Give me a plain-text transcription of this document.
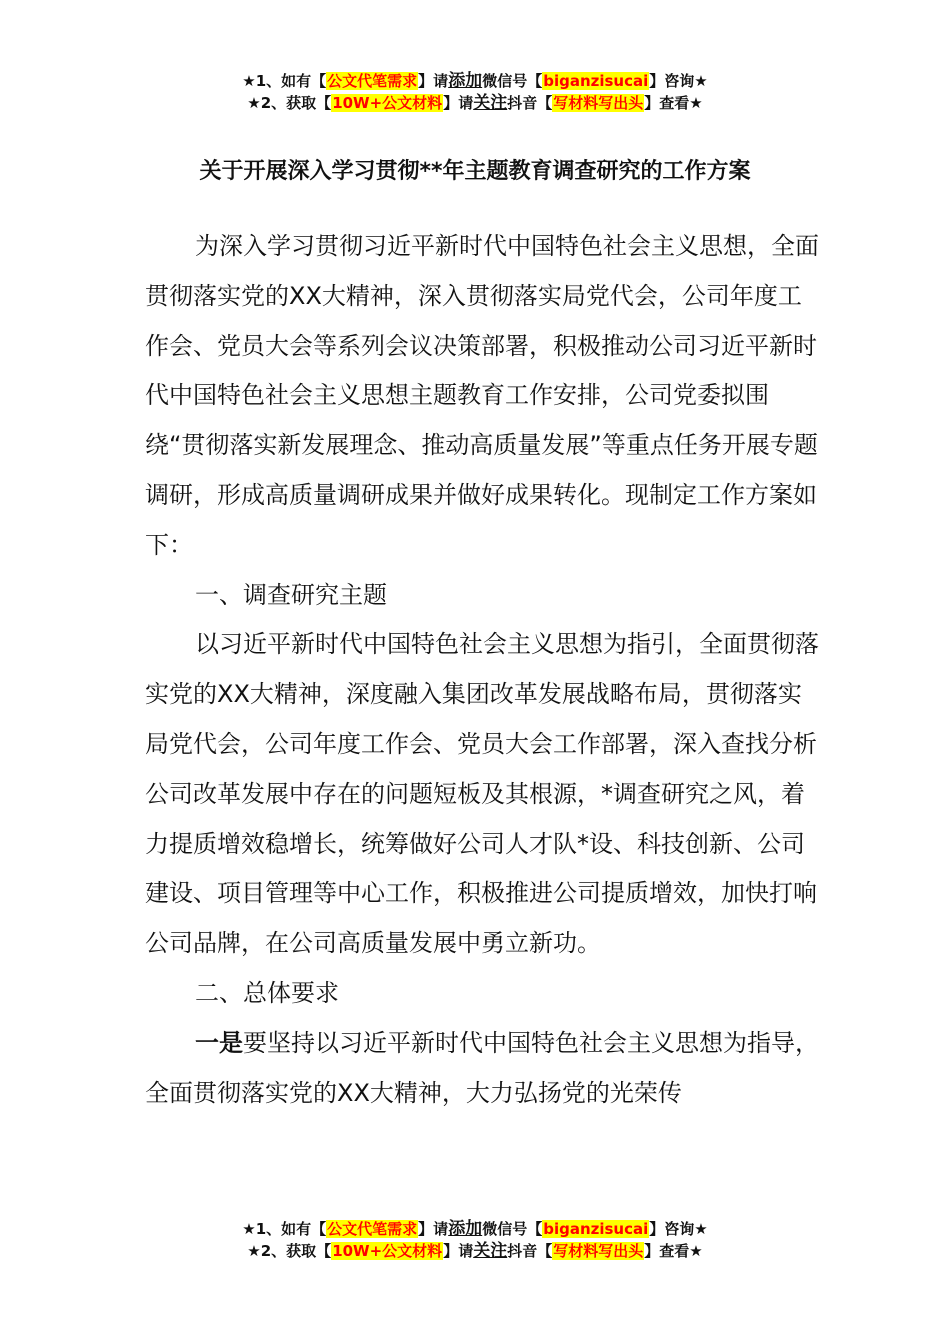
★1、如有【公文代笔需求】请添加微信号【biganzisucai】咨询★
★2、获取【10W+公文材料】请关注抖音【写材料写出头】查看★
关于开展深入学习贯彻**年主题教育调查研究的工作方案

为深入学习贯彻习近平新时代中国特色社会主义思想，全面贯彻落实党的XX大精神，深入贯彻落实局党代会，公司年度工作会、党员大会等系列会议决策部署，积极推动公司习近平新时代中国特色社会主义思想主题教育工作安排，公司党委拟围绕“贯彻落实新发展理念、推动高质量发展”等重点任务开展专题调研，形成高质量调研成果并做好成果转化。现制定工作方案如下：

一、调查研究主题

以习近平新时代中国特色社会主义思想为指引，全面贯彻落实党的XX大精神，深度融入集团改革发展战略布局，贯彻落实局党代会，公司年度工作会、党员大会工作部署，深入查找分析公司改革发展中存在的问题短板及其根源，*调查研究之风，着力提质增效稳增长，统筹做好公司人才队*设、科技创新、公司建设、项目管理等中心工作，积极推进公司提质增效，加快打响公司品牌，在公司高质量发展中勇立新功。

二、总体要求

一是要坚持以习近平新时代中国特色社会主义思想为指导，全面贯彻落实党的XX大精神，大力弘扬党的光荣传

★1、如有【公文代笔需求】请添加微信号【biganzisucai】咨询★
★2、获取【10W+公文材料】请关注抖音【写材料写出头】查看★
